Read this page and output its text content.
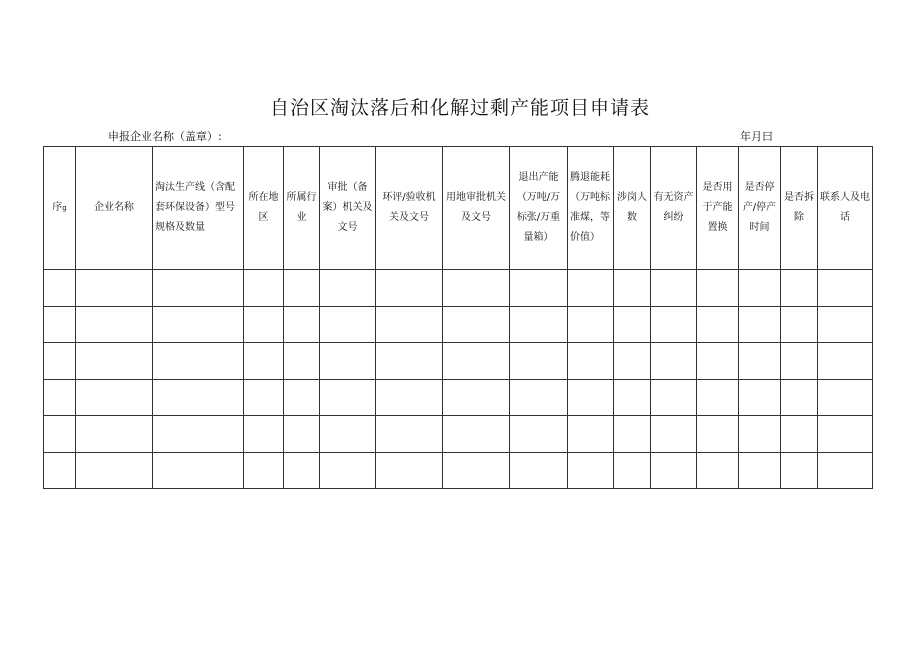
自治区淘汰落后和化解过剩产能项目申请表
申报企业名称（盖章）:	年月曰
序g	企业名称	淘汰生产线（含配套环保设备）型号规格及数量	所在地区	所属行业	审批（备案）机关及文号	环评/验收机关及文号	用地审批机关及文号	退出产能（万吨/万标张/万重量箱）	腾退能耗（万吨标准煤，等价值）	涉岗人数	有无资产纠纷	是否用于产能置换	是否停产/停产时间	是否拆除	联系人及电话
